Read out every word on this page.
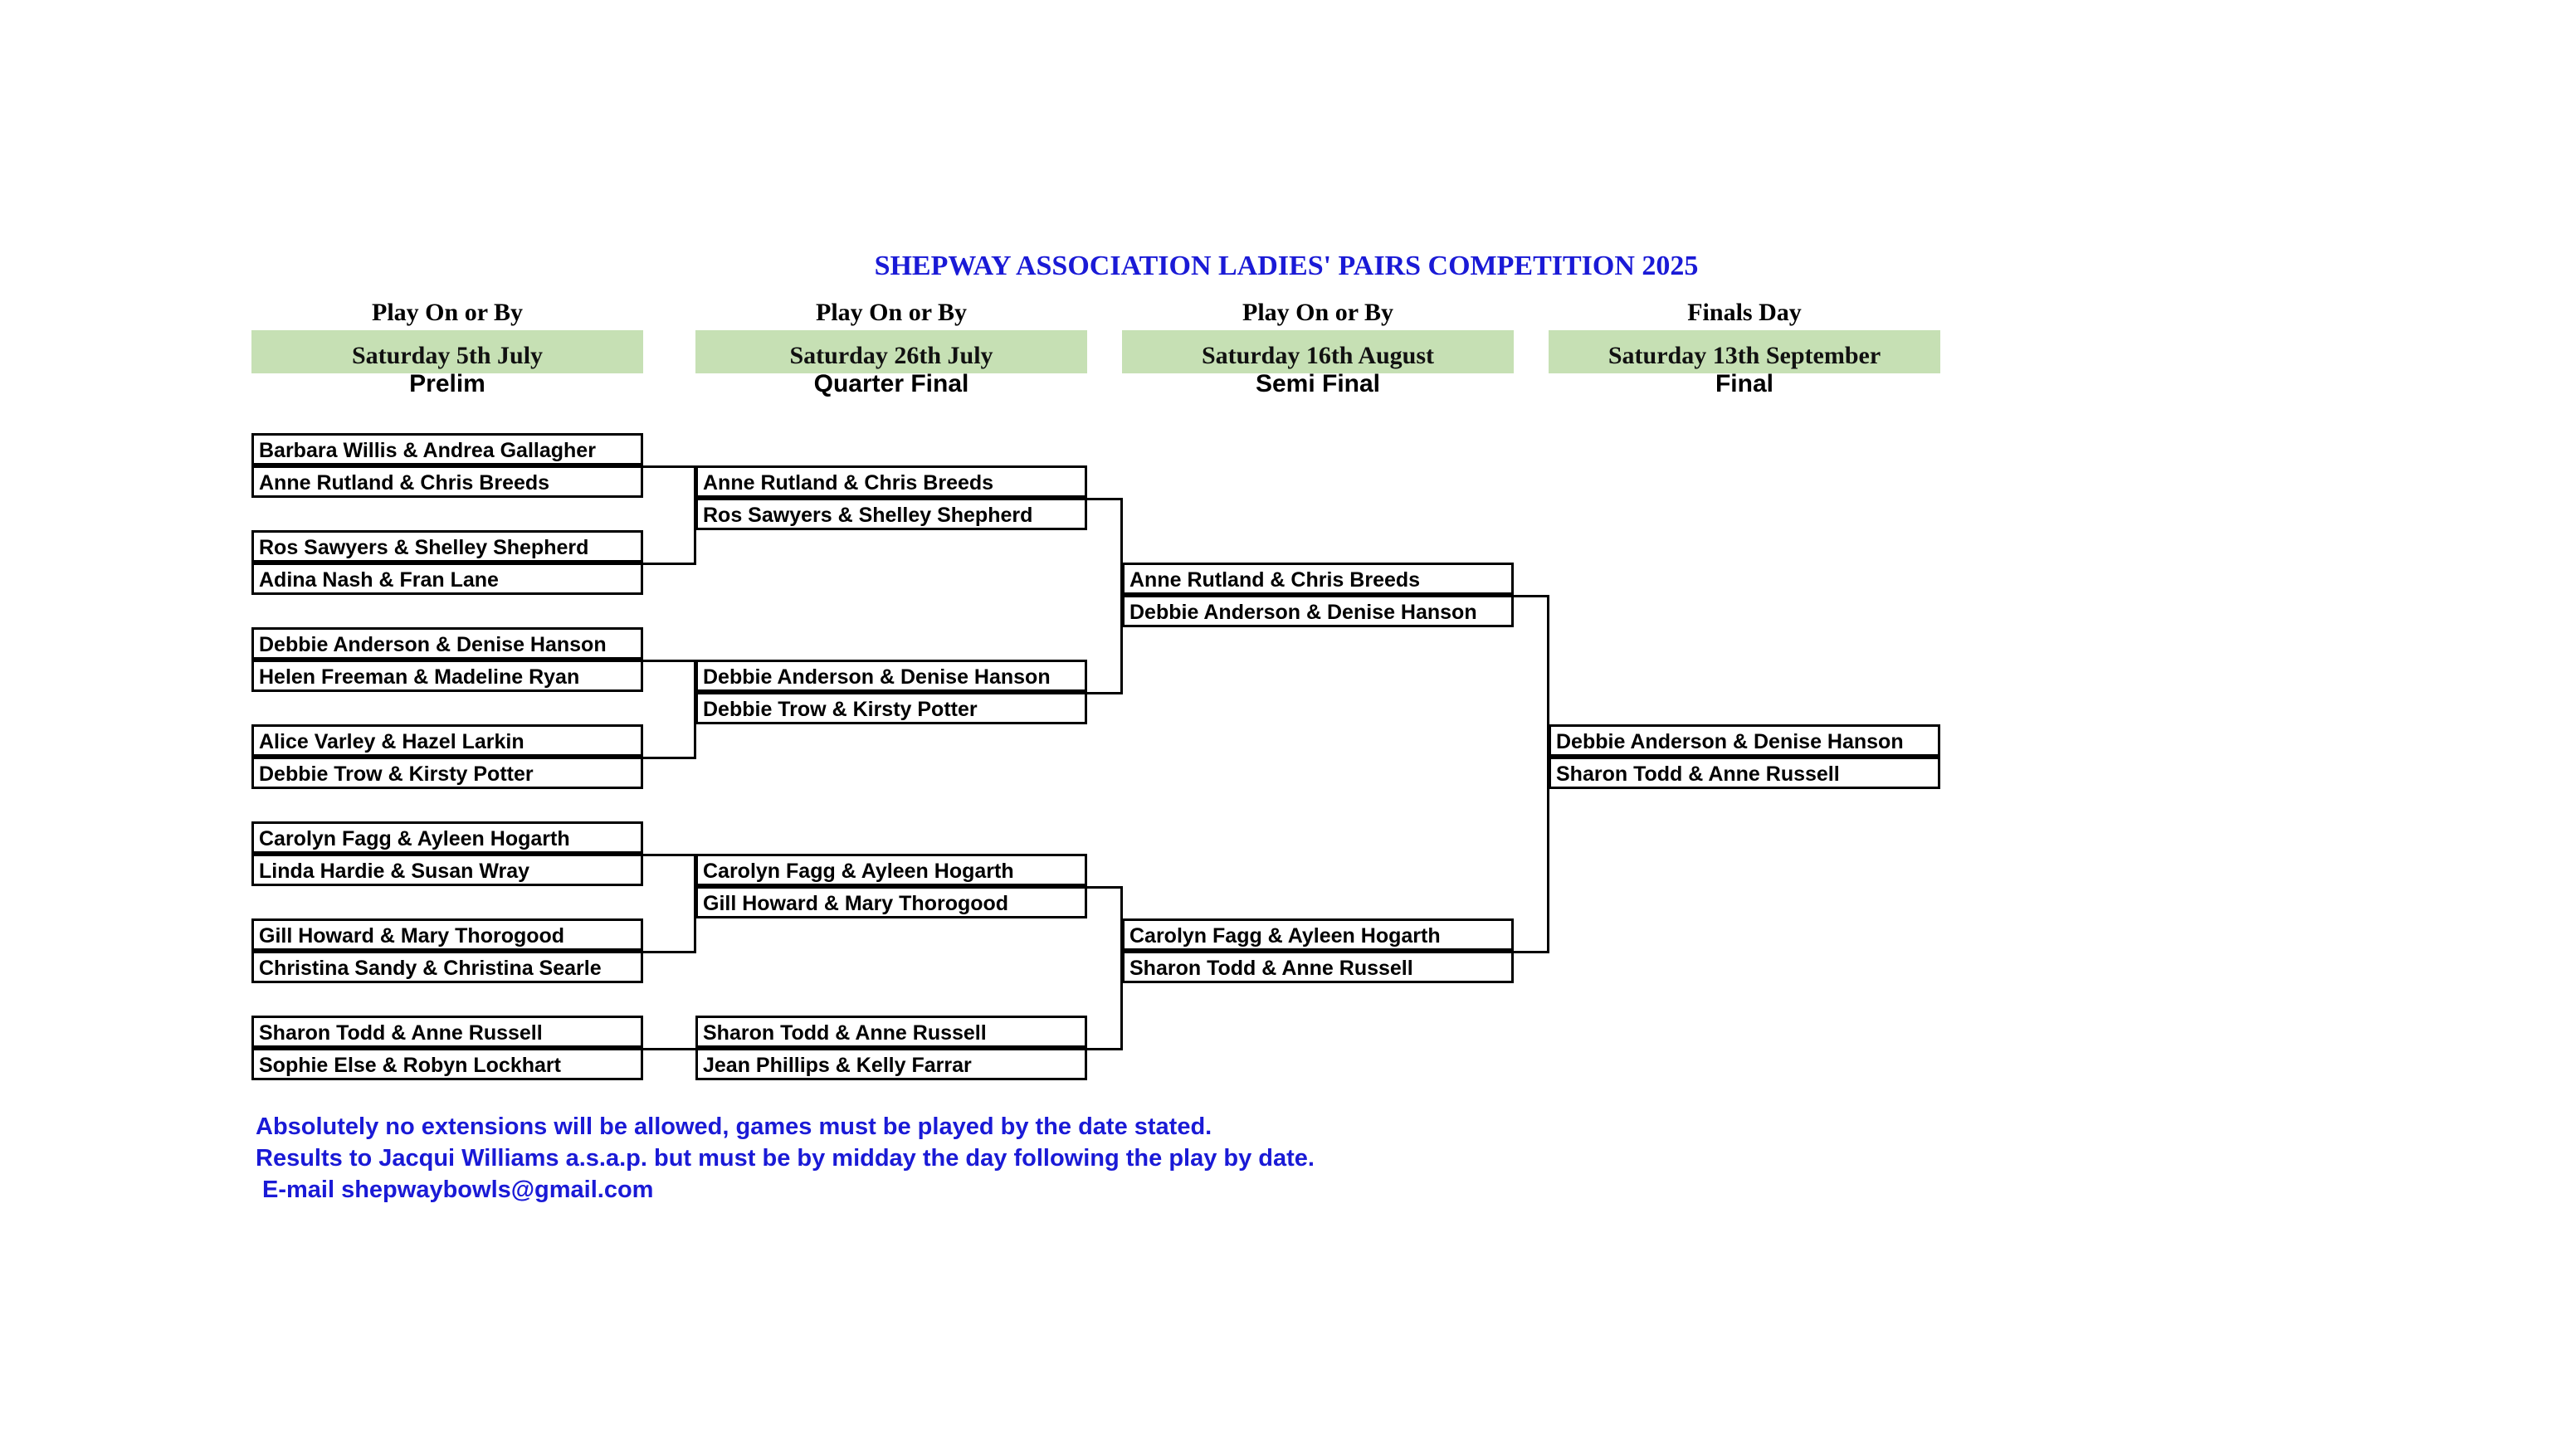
SHEPWAY ASSOCIATION LADIES' PAIRS COMPETITION 2025
Play On or By
Saturday 5th July
Prelim
Play On or By
Saturday 26th July
Quarter Final
Play On or By
Saturday 16th August
Semi Final
Finals Day
Saturday 13th September
Final
Barbara Willis & Andrea Gallagher
Anne Rutland & Chris Breeds
Ros Sawyers & Shelley Shepherd
Adina Nash & Fran Lane
Debbie Anderson & Denise Hanson
Helen Freeman & Madeline Ryan
Alice Varley & Hazel Larkin
Debbie Trow & Kirsty Potter
Carolyn Fagg & Ayleen Hogarth
Linda Hardie & Susan Wray
Gill Howard & Mary Thorogood
Christina Sandy & Christina Searle
Sharon Todd & Anne Russell
Sophie Else & Robyn Lockhart
Anne Rutland & Chris Breeds
Ros Sawyers & Shelley Shepherd
Debbie Anderson & Denise Hanson
Debbie Trow & Kirsty Potter
Carolyn Fagg & Ayleen Hogarth
Gill Howard & Mary Thorogood
Sharon Todd & Anne Russell
Jean Phillips & Kelly Farrar
Anne Rutland & Chris Breeds
Debbie Anderson & Denise Hanson
Carolyn Fagg & Ayleen Hogarth
Sharon Todd & Anne Russell
Debbie Anderson & Denise Hanson
Sharon Todd & Anne Russell
Absolutely no extensions will be allowed, games must be played by the date stated.
Results to Jacqui Williams a.s.a.p. but must be by midday the day following the play by date.
E-mail shepwaybowls@gmail.com
